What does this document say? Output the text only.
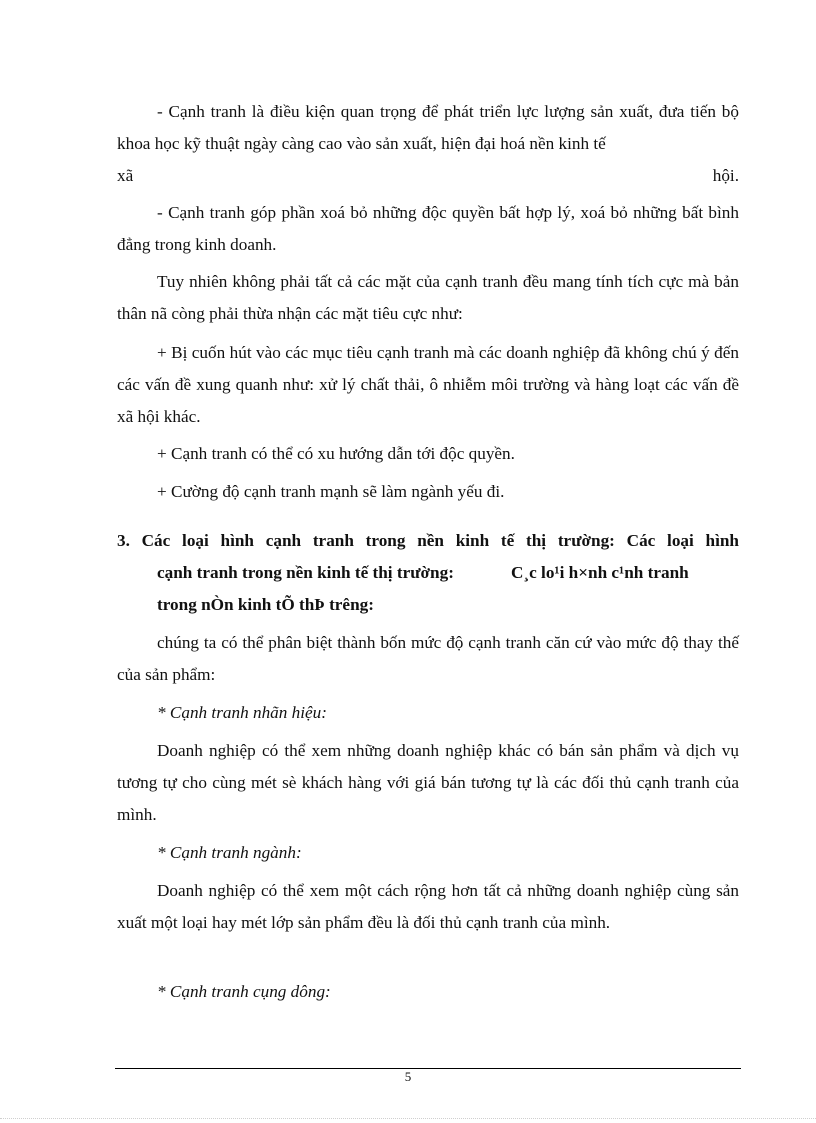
- Cạnh tranh là điều kiện quan trọng để phát triển lực lượng sản xuất, đưa tiến bộ khoa học kỹ thuật ngày càng cao vào sản xuất, hiện đại hoá nền kinh tế

xã	hội.

- Cạnh tranh góp phần xoá bỏ những độc quyền bất hợp lý, xoá bỏ những bất bình đẳng trong kinh doanh.

Tuy nhiên không phải tất cả các mặt của cạnh tranh đều mang tính tích cực mà bản thân nã còng phải thừa nhận các mặt tiêu cực như:

+ Bị cuốn hút vào các mục tiêu cạnh tranh mà các doanh nghiệp đã không chú ý đến các vấn đề xung quanh như: xử lý chất thải, ô nhiễm môi trường và hàng loạt các vấn đề xã hội khác.

+ Cạnh tranh có thể có xu hướng dẫn tới độc quyền.

+ Cường độ cạnh tranh mạnh sẽ làm ngành yếu đi.

3. Các loại hình cạnh tranh trong nền kinh tế thị trường: Các loại hình

cạnh tranh trong nền kinh tế thị trường:	C¸c lo¹i h×nh c¹nh tranh

trong nÒn kinh tÕ thÞ trêng:

chúng ta có thể phân biệt thành bốn mức độ cạnh tranh căn cứ vào mức độ thay thế của sản phẩm:

* Cạnh tranh nhãn hiệu:

Doanh nghiệp có thể xem những doanh nghiệp khác có bán sản phẩm và dịch vụ tương tự cho cùng mét sè khách hàng với giá bán tương tự là các đối thủ cạnh tranh của mình.

* Cạnh tranh ngành:

Doanh nghiệp có thể xem một cách rộng hơn tất cả những doanh nghiệp cùng sản xuất một loại hay mét lớp sản phẩm đều là đối thủ cạnh tranh của mình.

* Cạnh tranh cụng dông:

5
